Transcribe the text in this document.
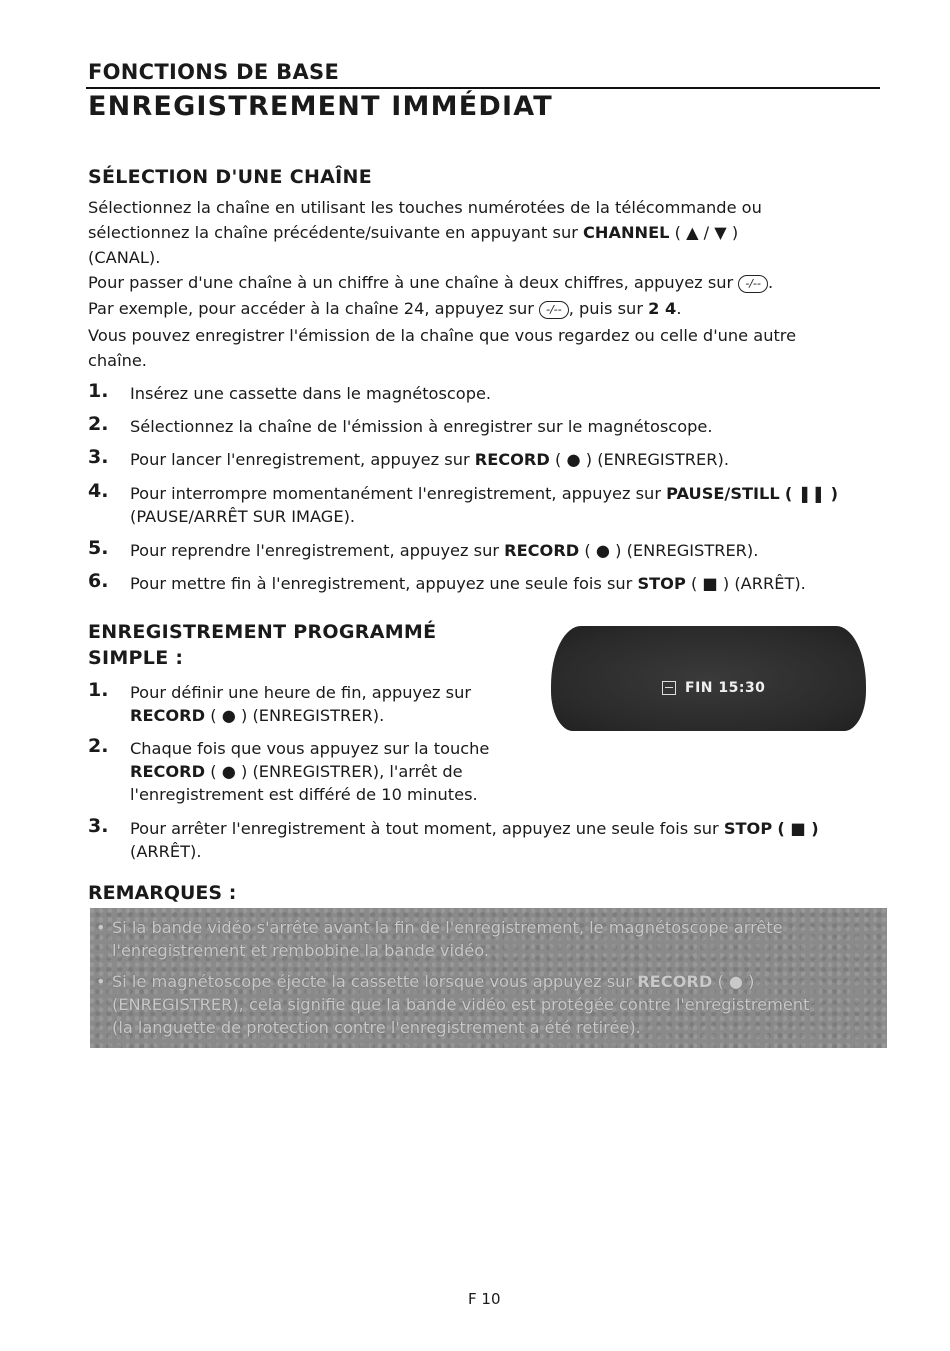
FONCTIONS DE BASE
ENREGISTREMENT IMMÉDIAT
SÉLECTION D'UNE CHAÎNE
Sélectionnez la chaîne en utilisant les touches numérotées de la télécommande ou
sélectionnez la chaîne précédente/suivante en appuyant sur CHANNEL ( ▲ / ▼ )
(CANAL).
Pour passer d'une chaîne à un chiffre à une chaîne à deux chiffres, appuyez sur -/-- .
Par exemple, pour accéder à la chaîne 24, appuyez sur -/-- , puis sur 2 4.
Vous pouvez enregistrer l'émission de la chaîne que vous regardez ou celle d'une autre
chaîne.
1. Insérez une cassette dans le magnétoscope.
2. Sélectionnez la chaîne de l'émission à enregistrer sur le magnétoscope.
3. Pour lancer l'enregistrement, appuyez sur RECORD ( ● ) (ENREGISTRER).
4. Pour interrompre momentanément l'enregistrement, appuyez sur PAUSE/STILL ( ❚❚ )
(PAUSE/ARRÊT SUR IMAGE).
5. Pour reprendre l'enregistrement, appuyez sur RECORD ( ● ) (ENREGISTRER).
6. Pour mettre fin à l'enregistrement, appuyez une seule fois sur STOP ( ■ ) (ARRÊT).
ENREGISTREMENT PROGRAMMÉ
SIMPLE :
FIN 15:30
1. Pour définir une heure de fin, appuyez sur
RECORD ( ● ) (ENREGISTRER).
2. Chaque fois que vous appuyez sur la touche
RECORD ( ● ) (ENREGISTRER), l'arrêt de
l'enregistrement est différé de 10 minutes.
3. Pour arrêter l'enregistrement à tout moment, appuyez une seule fois sur STOP ( ■ )
(ARRÊT).
REMARQUES :
• Si la bande vidéo s'arrête avant la fin de l'enregistrement, le magnétoscope arrête
l'enregistrement et rembobine la bande vidéo.
• Si le magnétoscope éjecte la cassette lorsque vous appuyez sur RECORD ( ● )
(ENREGISTRER), cela signifie que la bande vidéo est protégée contre l'enregistrement
(la languette de protection contre l'enregistrement a été retirée).
F 10
